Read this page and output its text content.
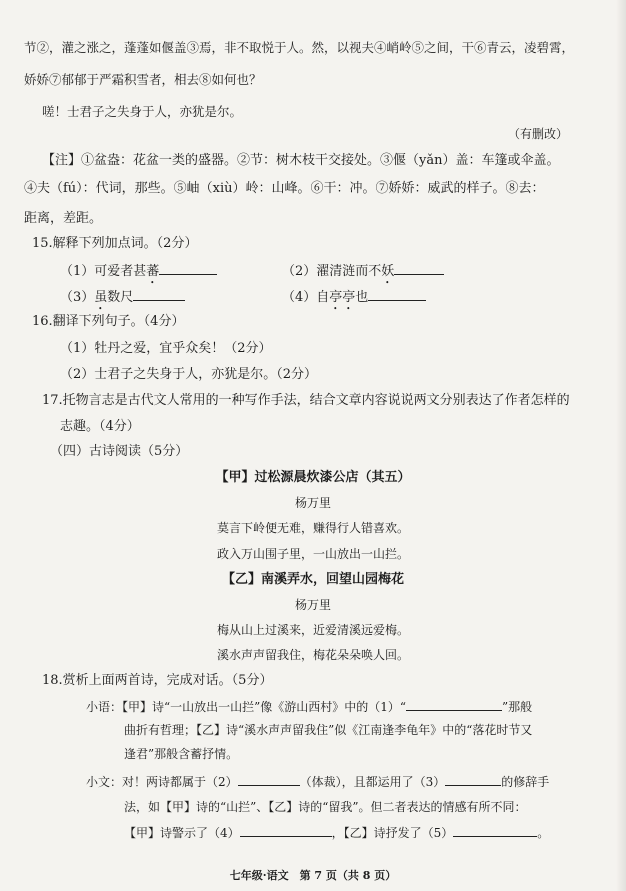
节②，灌之涨之，蓬蓬如偃盖③焉，非不取悦于人。然，以视夫④峭岭⑤之间，干⑥青云，凌碧霄，
娇娇⑦郁郁于严霜积雪者，相去⑧如何也？
嗟！士君子之失身于人，亦犹是尔。
（有删改）
【注】①盆盎：花盆一类的盛器。②节：树木枝干交接处。③偃（yǎn）盖：车篷或伞盖。
④夫（fú）：代词，那些。⑤岫（xiù）岭：山峰。⑥干：冲。⑦娇娇：威武的样子。⑧去：
距离，差距。
15.解释下列加点词。（2分）
（1）可爱者甚蕃	（2）濯清涟而不妖
（3）虽数尺	（4）自亭亭也
16.翻译下列句子。（4分）
（1）牡丹之爱，宜乎众矣！（2分）
（2）士君子之失身于人，亦犹是尔。（2分）
17.托物言志是古代文人常用的一种写作手法，结合文章内容说说两文分别表达了作者怎样的
志趣。（4分）
（四）古诗阅读（5分）
【甲】过松源晨炊漆公店（其五）
杨万里
莫言下岭便无难，赚得行人错喜欢。
政入万山围子里，一山放出一山拦。
【乙】南溪弄水，回望山园梅花
杨万里
梅从山上过溪来，近爱清溪远爱梅。
溪水声声留我住，梅花朵朵唤人回。
18.赏析上面两首诗，完成对话。（5分）
小语：【甲】诗“一山放出一山拦”像《游山西村》中的（1）“	”那般
曲折有哲理；【乙】诗“溪水声声留我住”似《江南逢李龟年》中的“落花时节又
逢君”那般含蓄抒情。
小文：对！两诗都属于（2）	（体裁），且都运用了（3）	的修辞手
法，如【甲】诗的“山拦”、【乙】诗的“留我”。但二者表达的情感有所不同：
【甲】诗警示了（4）	，【乙】诗抒发了（5）	。
七年级·语文　第 7 页（共 8 页）
